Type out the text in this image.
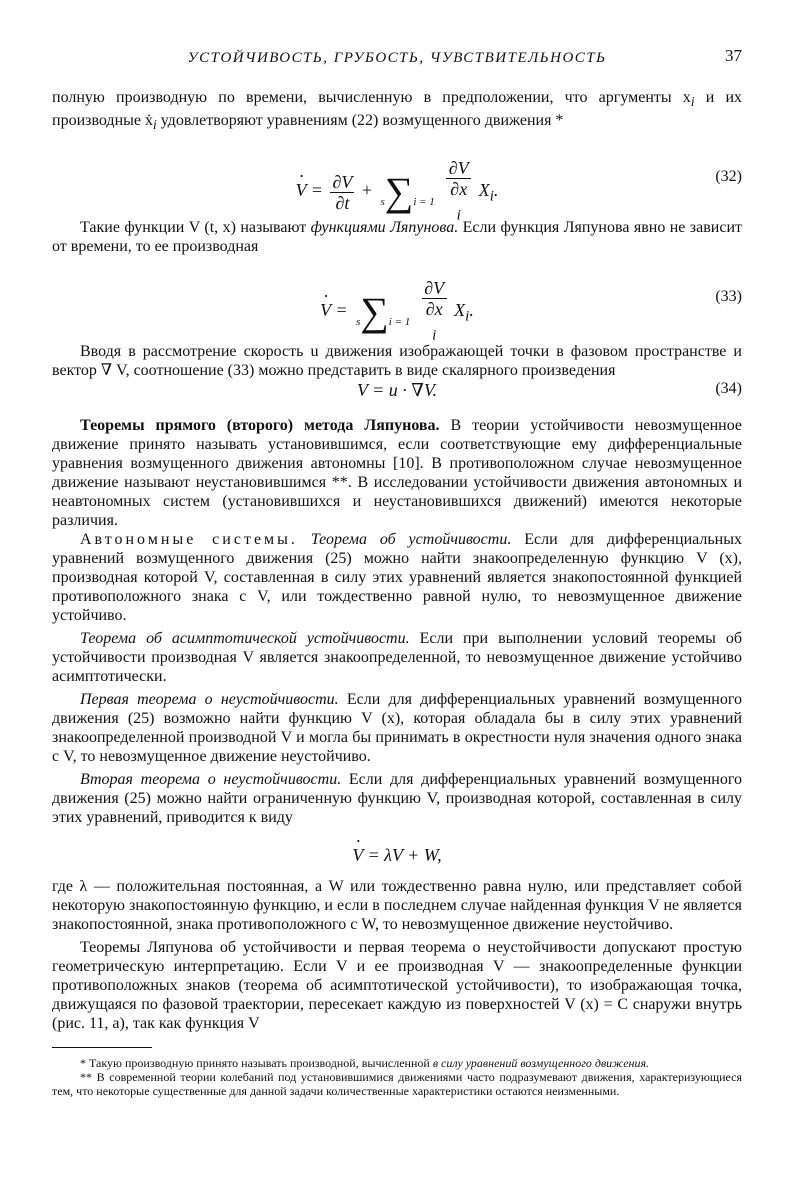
УСТОЙЧИВОСТЬ, ГРУБОСТЬ, ЧУВСТВИТЕЛЬНОСТЬ	37

полную производную по времени, вычисленную в предположении, что аргументы $x_i$ и их производные ẋ$_i$ удовлетворяют уравнениям (22) возмущенного движения *

· $V = \frac{\partial V}{\partial t} + s\sum i = 1$ ∂V
∂x
$_i$ $X_i$.
(32)

Такие функции V (t, x) называют функциями Ляпунова. Если функция Ляпунова явно не зависит от времени, то ее производная

· V = s∑i = 1 ∂V
∂x
$_i$ $X_i$.
(33)

Вводя в рассмотрение скорость u движения изображающей точки в фазовом пространстве и вектор ∇ V, соотношение (33) можно представить в виде скалярного произведения

· V = u · ∇V.	(34)

Теоремы прямого (второго) метода Ляпунова. В теории устойчивости невозмущенное движение принято называть установившимся, если соответствующие ему дифференциальные уравнения возмущенного движения автономны [10]. В противоположном случае невозмущенное движение называют неустановившимся **. В исследовании устойчивости движения автономных и неавтономных систем (установившихся и неустановившихся движений) имеются некоторые различия.

Автономные системы. Теорема об устойчивости. Если для дифференциальных уравнений возмущенного движения (25) можно найти знакоопределенную функцию V (x), производная которой V, составленная в силу этих уравнений является знакопостоянной функцией противоположного знака с V, или тождественно равной нулю, то невозмущенное движение устойчиво.

Теорема об асимптотической устойчивости. Если при выполнении условий теоремы об устойчивости производная V является знакоопределенной, то невозмущенное движение устойчиво асимптотически.

Первая теорема о неустойчивости. Если для дифференциальных уравнений возмущенного движения (25) возможно найти функцию V (x), которая обладала бы в силу этих уравнений знакоопределенной производной V и могла бы принимать в окрестности нуля значения одного знака с V, то невозмущенное движение неустойчиво.

Вторая теорема о неустойчивости. Если для дифференциальных уравнений возмущенного движения (25) можно найти ограниченную функцию V, производная которой, составленная в силу этих уравнений, приводится к виду

· V = λV + W,

где λ — положительная постоянная, а W или тождественно равна нулю, или представляет собой некоторую знакопостоянную функцию, и если в последнем случае найденная функция V не является знакопостоянной, знака противоположного с W, то невозмущенное движение неустойчиво.

Теоремы Ляпунова об устойчивости и первая теорема о неустойчивости допускают простую геометрическую интерпретацию. Если V и ее производная V — знакоопределенные функции противоположных знаков (теорема об асимптотической устойчивости), то изображающая точка, движущаяся по фазовой траектории, пересекает каждую из поверхностей V (x) = C снаружи внутрь (рис. 11, а), так как функция V

* Такую производную принято называть производной, вычисленной в силу уравнений возмущенного движения.

** В современной теории колебаний под установившимися движениями часто подразумевают движения, характеризующиеся тем, что некоторые существенные для данной задачи количественные характеристики остаются неизменными.
